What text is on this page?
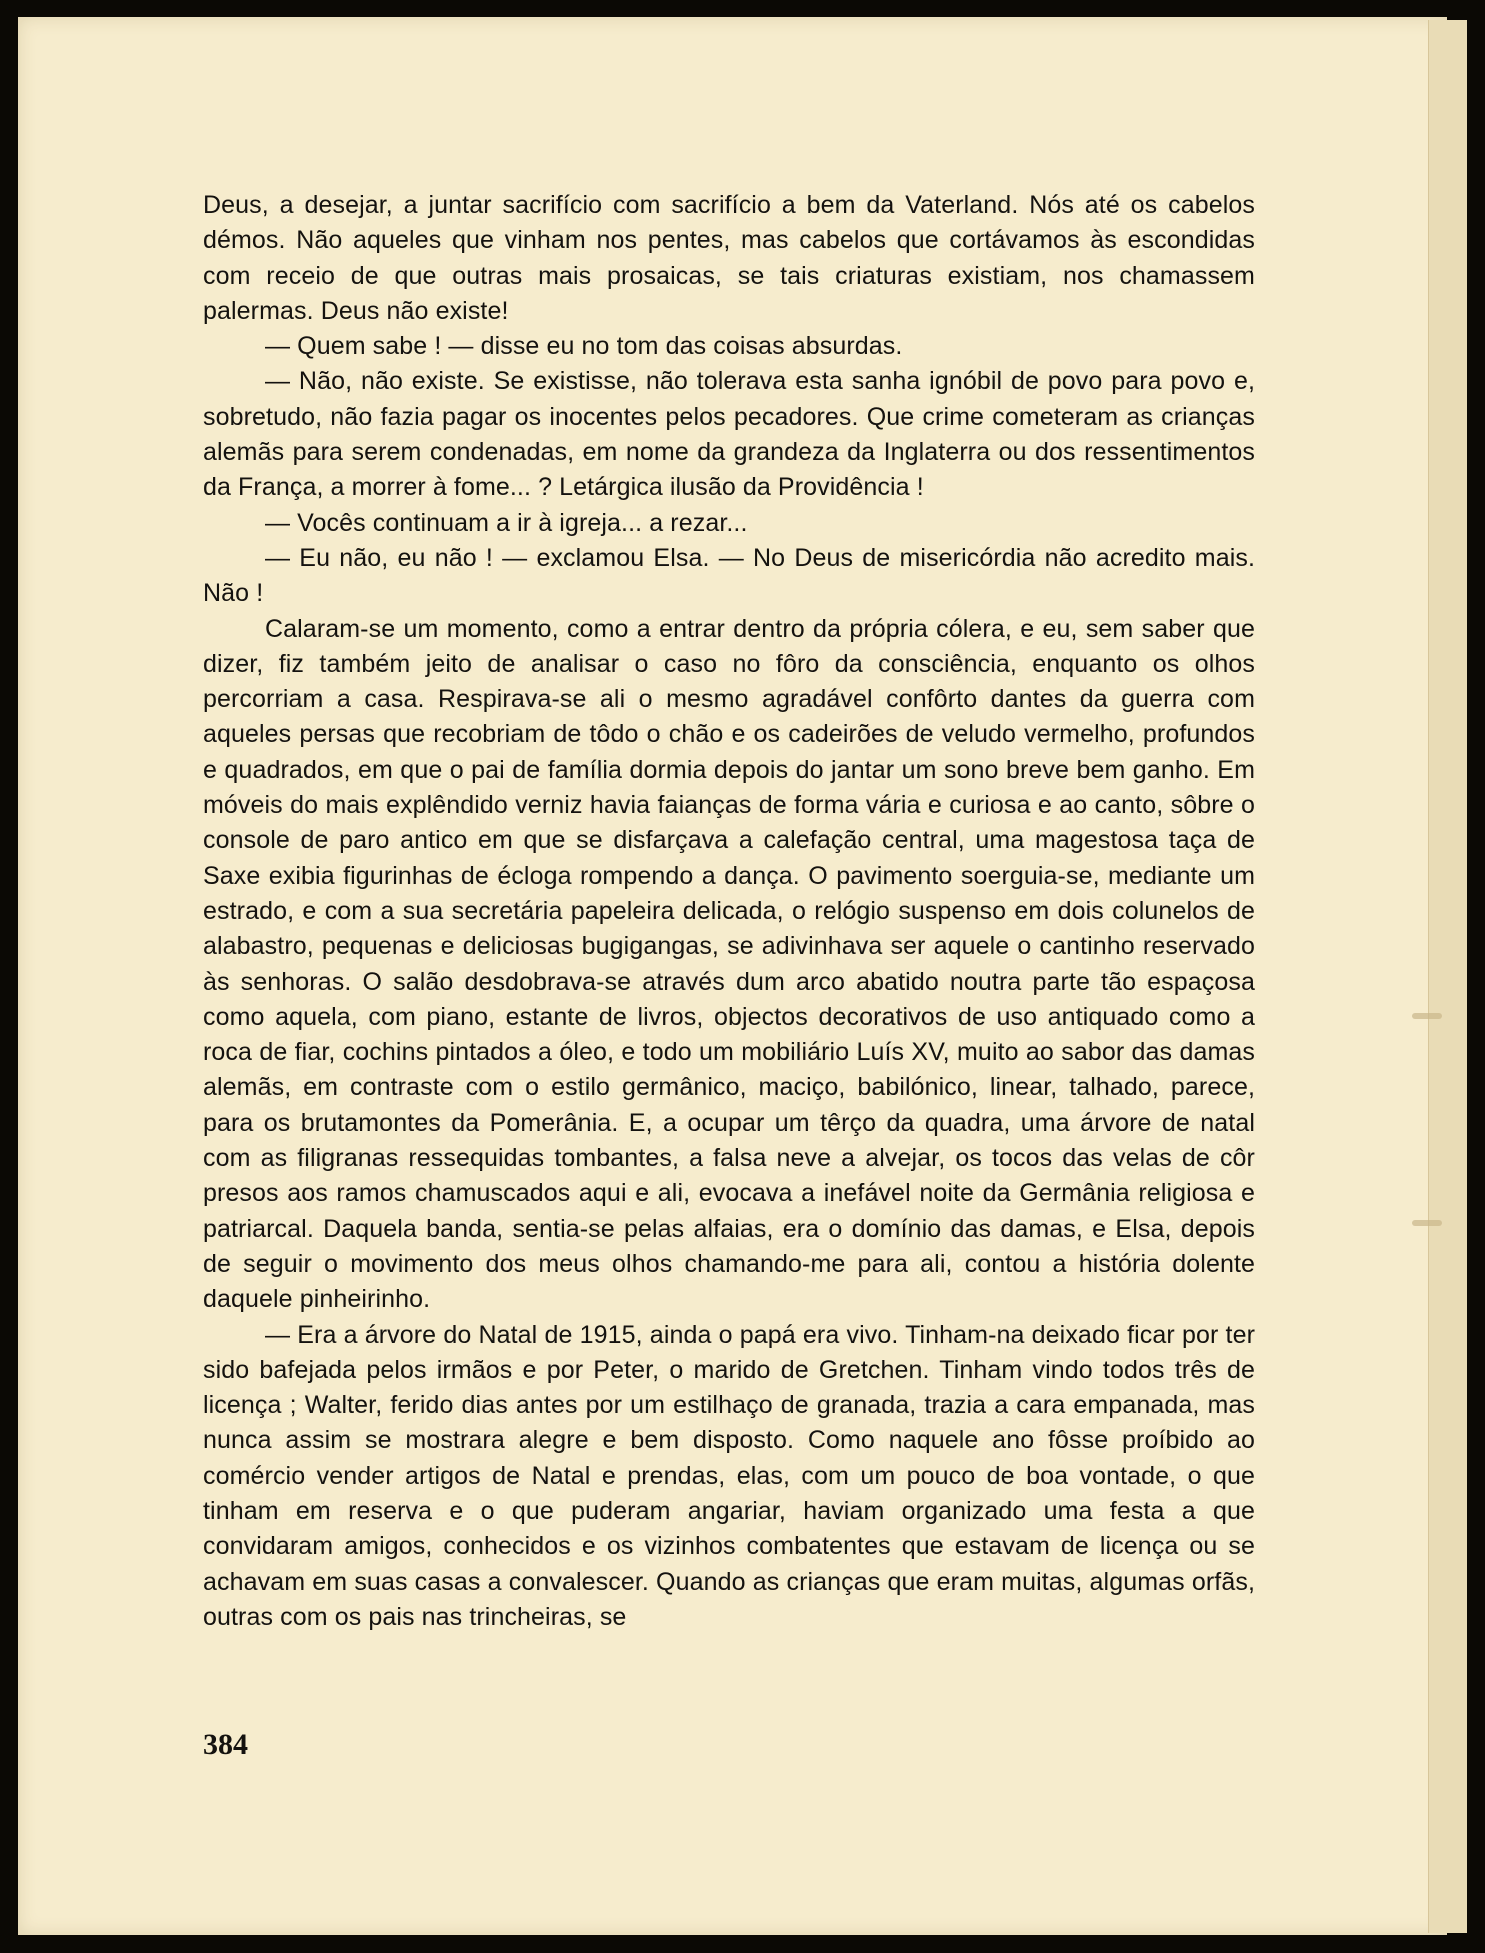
Deus, a desejar, a juntar sacrifício com sacrifício a bem da Vaterland. Nós até os cabelos démos. Não aqueles que vinham nos pentes, mas cabelos que cortávamos às escondidas com receio de que outras mais prosaicas, se tais criaturas existiam, nos chamassem palermas. Deus não existe!

— Quem sabe ! — disse eu no tom das coisas absurdas.

— Não, não existe. Se existisse, não tolerava esta sanha ignóbil de povo para povo e, sobretudo, não fazia pagar os inocentes pelos pecadores. Que crime cometeram as crianças alemãs para serem condenadas, em nome da grandeza da Inglaterra ou dos ressentimentos da França, a morrer à fome... ? Letárgica ilusão da Providência !

— Vocês continuam a ir à igreja... a rezar...

— Eu não, eu não ! — exclamou Elsa. — No Deus de misericórdia não acredito mais. Não !

Calaram-se um momento, como a entrar dentro da própria cólera, e eu, sem saber que dizer, fiz também jeito de analisar o caso no fôro da consciência, enquanto os olhos percorriam a casa. Respirava-se ali o mesmo agradável confôrto dantes da guerra com aqueles persas que recobriam de tôdo o chão e os cadeirões de veludo vermelho, profundos e quadrados, em que o pai de família dormia depois do jantar um sono breve bem ganho. Em móveis do mais explêndido verniz havia faianças de forma vária e curiosa e ao canto, sôbre o console de paro antico em que se disfarçava a calefação central, uma magestosa taça de Saxe exibia figurinhas de écloga rompendo a dança. O pavimento soerguia-se, mediante um estrado, e com a sua secretária papeleira delicada, o relógio suspenso em dois colunelos de alabastro, pequenas e deliciosas bugigangas, se adivinhava ser aquele o cantinho reservado às senhoras. O salão desdobrava-se através dum arco abatido noutra parte tão espaçosa como aquela, com piano, estante de livros, objectos decorativos de uso antiquado como a roca de fiar, cochins pintados a óleo, e todo um mobiliário Luís XV, muito ao sabor das damas alemãs, em contraste com o estilo germânico, maciço, babilónico, linear, talhado, parece, para os brutamontes da Pomerânia. E, a ocupar um têrço da quadra, uma árvore de natal com as filigranas ressequidas tombantes, a falsa neve a alvejar, os tocos das velas de côr presos aos ramos chamuscados aqui e ali, evocava a inefável noite da Germânia religiosa e patriarcal. Daquela banda, sentia-se pelas alfaias, era o domínio das damas, e Elsa, depois de seguir o movimento dos meus olhos chamando-me para ali, contou a história dolente daquele pinheirinho.

— Era a árvore do Natal de 1915, ainda o papá era vivo. Tinham-na deixado ficar por ter sido bafejada pelos irmãos e por Peter, o marido de Gretchen. Tinham vindo todos três de licença ; Walter, ferido dias antes por um estilhaço de granada, trazia a cara empanada, mas nunca assim se mostrara alegre e bem disposto. Como naquele ano fôsse proíbido ao comércio vender artigos de Natal e prendas, elas, com um pouco de boa vontade, o que tinham em reserva e o que puderam angariar, haviam organizado uma festa a que convidaram amigos, conhecidos e os vizinhos combatentes que estavam de licença ou se achavam em suas casas a convalescer. Quando as crianças que eram muitas, algumas orfãs, outras com os pais nas trincheiras, se

384
